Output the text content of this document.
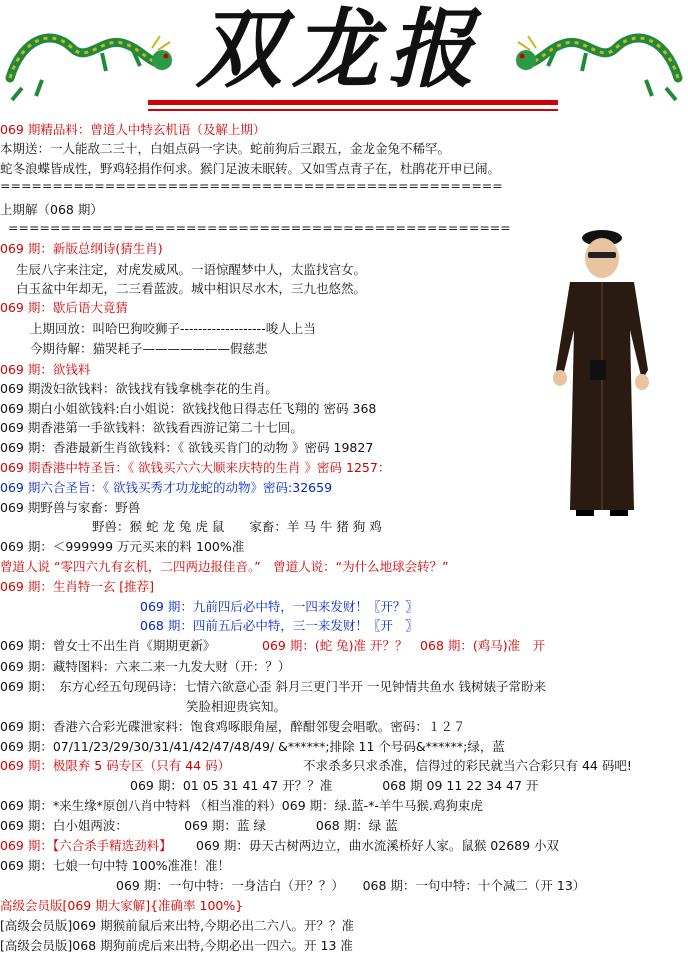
双龙报
069 期精品料：曾道人中特玄机语（及解上期）
本期送：一人能敌二三十，白姐点码一字诀。蛇前狗后三跟五，金龙金兔不稀罕。
蛇冬浪蝶皆成性，野鸡轻捐作何求。猴门足波未眠转。又如雪点青子在，杜鹃花开申已闹。
================================================
上期解（068 期）
================================================
069 期：新版总纲诗(猜生肖)
生辰八字来注定，对虎发威风。一语惊醒梦中人，太监找宫女。
白玉盆中年却无，二三看蓝波。城中相识尽水木，三九也悠然。
069 期：歇后语大竟猜
上期回放：叫哈巴狗咬狮子-------------------唆人上当
今期待解：猫哭耗子———————假慈悲
069 期：欲钱料
069 期泼妇欲钱料：欲钱找有钱拿桃李花的生肖。
069 期白小姐欲钱料:白小姐说：欲钱找他日得志任飞翔的 密码 368
069 期香港第一手欲钱料：欲钱看西游记第二十七回。
069 期：香港最新生肖欲钱料：《 欲钱买肯门的动物 》密码 19827
069 期香港中特圣旨：《 欲钱买六六大顺来庆特的生肖 》密码 1257：
069 期六合圣旨：《 欲钱买秀才功龙蛇的动物》密码:32659
069 期野兽与家畜：野兽
野兽：猴 蛇 龙 兔 虎 鼠　　家畜：羊 马 牛 猪 狗 鸡
069 期：＜999999 万元买来的料 100%准
曾道人说 “零四六九有玄机，二四两边报佳音。”　曾道人说：“为什么地球会转？”
069 期：生肖特一玄 [推荐]
069 期：九前四后必中特，一四来发财！〖开？〗
068 期：四前五后必中特，三一来发财！〖开　〗
069 期：曾女士不出生肖《期期更新》	069 期：(蛇 兔)准 开？？　068 期：(鸡马)准　开
069 期：藏特图料：六来二来一九发大财（开：？）
069 期：　东方心经五句现码诗：七情六欲意心歪 斜月三更门半开 一见钟情共鱼水 钱树婊子常盼来
笑脸相迎贵宾知。
069 期：香港六合彩光碟泄家料：饱食鸡啄眼角屋，醉酣邻叟会唱歌。密码：１２７
069 期：07/11/23/29/30/31/41/42/47/48/49/ &******;排除 11 个号码&******;绿，蓝
069 期：极限弃 5 码专区（只有 44 码）	不求杀多只求杀准，信得过的彩民就当六合彩只有 44 码吧!
069 期：01 05 31 41 47 开？？准　　　　068 期 09 11 22 34 47 开
069 期：*来生缘*原创八肖中特料 （相当准的料）069 期：绿.蓝-*-羊牛马猴.鸡狗束虎
069 期：白小姐两波：　　　　　069 期：蓝 绿　　　　068 期：绿 蓝
069 期：【六合杀手精选劲料】 069 期：毋天古树两边立，曲水流溪桥好人家。鼠猴 02689 小双
069 期：七娘一句中特 100%准准！准！
069 期：一句中特：一身洁白（开？？）　　068 期：一句中特：十个减二（开 13）
高级会员版[069 期大家解]{准确率 100%}
[高级会员版]069 期猴前鼠后来出特,今期必出二六八。开？？准
[高级会员版]068 期狗前虎后来出特,今期必出一四六。开 13 准
